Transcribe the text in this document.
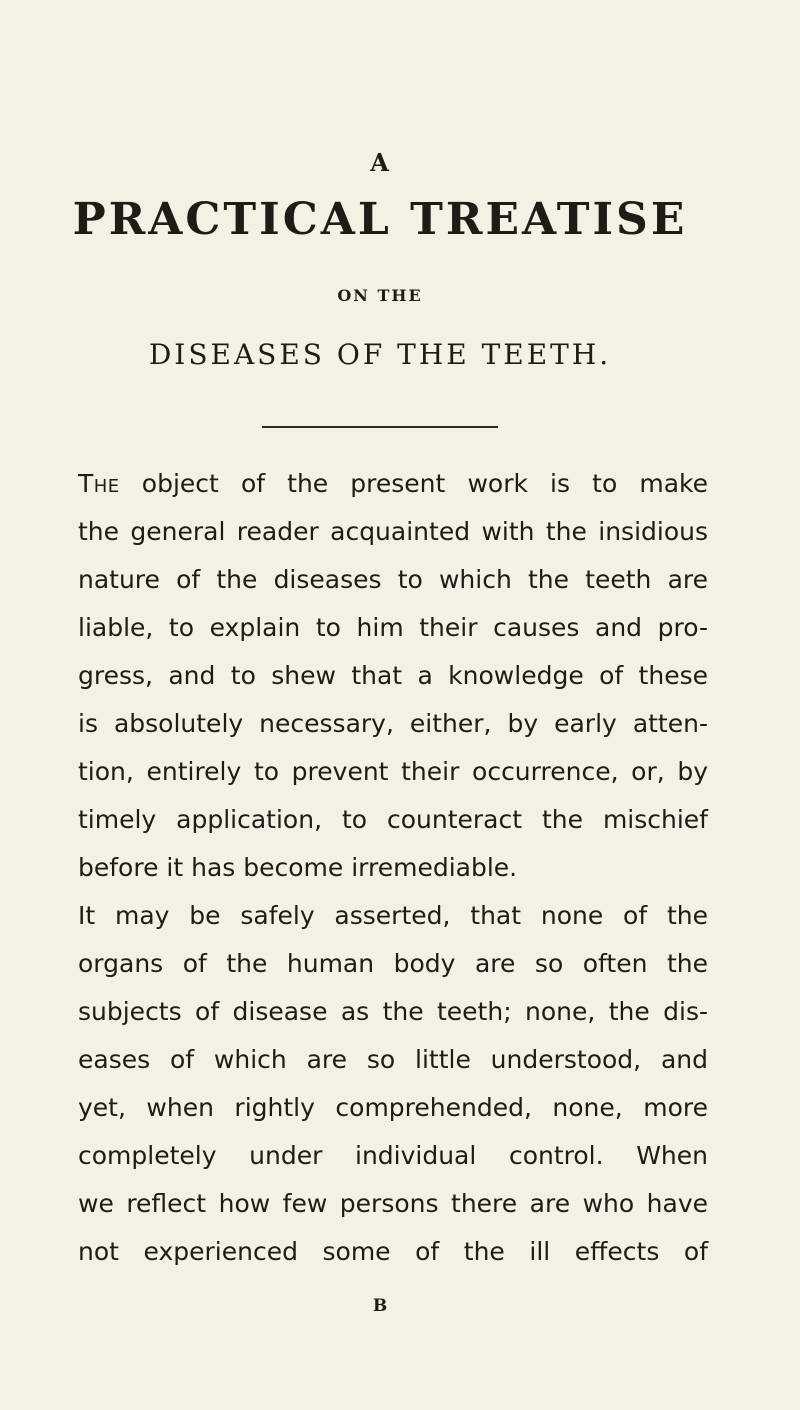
A
PRACTICAL TREATISE
ON THE
DISEASES OF THE TEETH.
The object of the present work is to make
the general reader acquainted with the insidious
nature of the diseases to which the teeth are
liable, to explain to him their causes and pro-
gress, and to shew that a knowledge of these
is absolutely necessary, either, by early atten-
tion, entirely to prevent their occurrence, or, by
timely application, to counteract the mischief
before it has become irremediable.
It may be safely asserted, that none of the
organs of the human body are so often the
subjects of disease as the teeth; none, the dis-
eases of which are so little understood, and
yet, when rightly comprehended, none, more
completely under individual control. When
we reflect how few persons there are who have
not experienced some of the ill effects of
B
